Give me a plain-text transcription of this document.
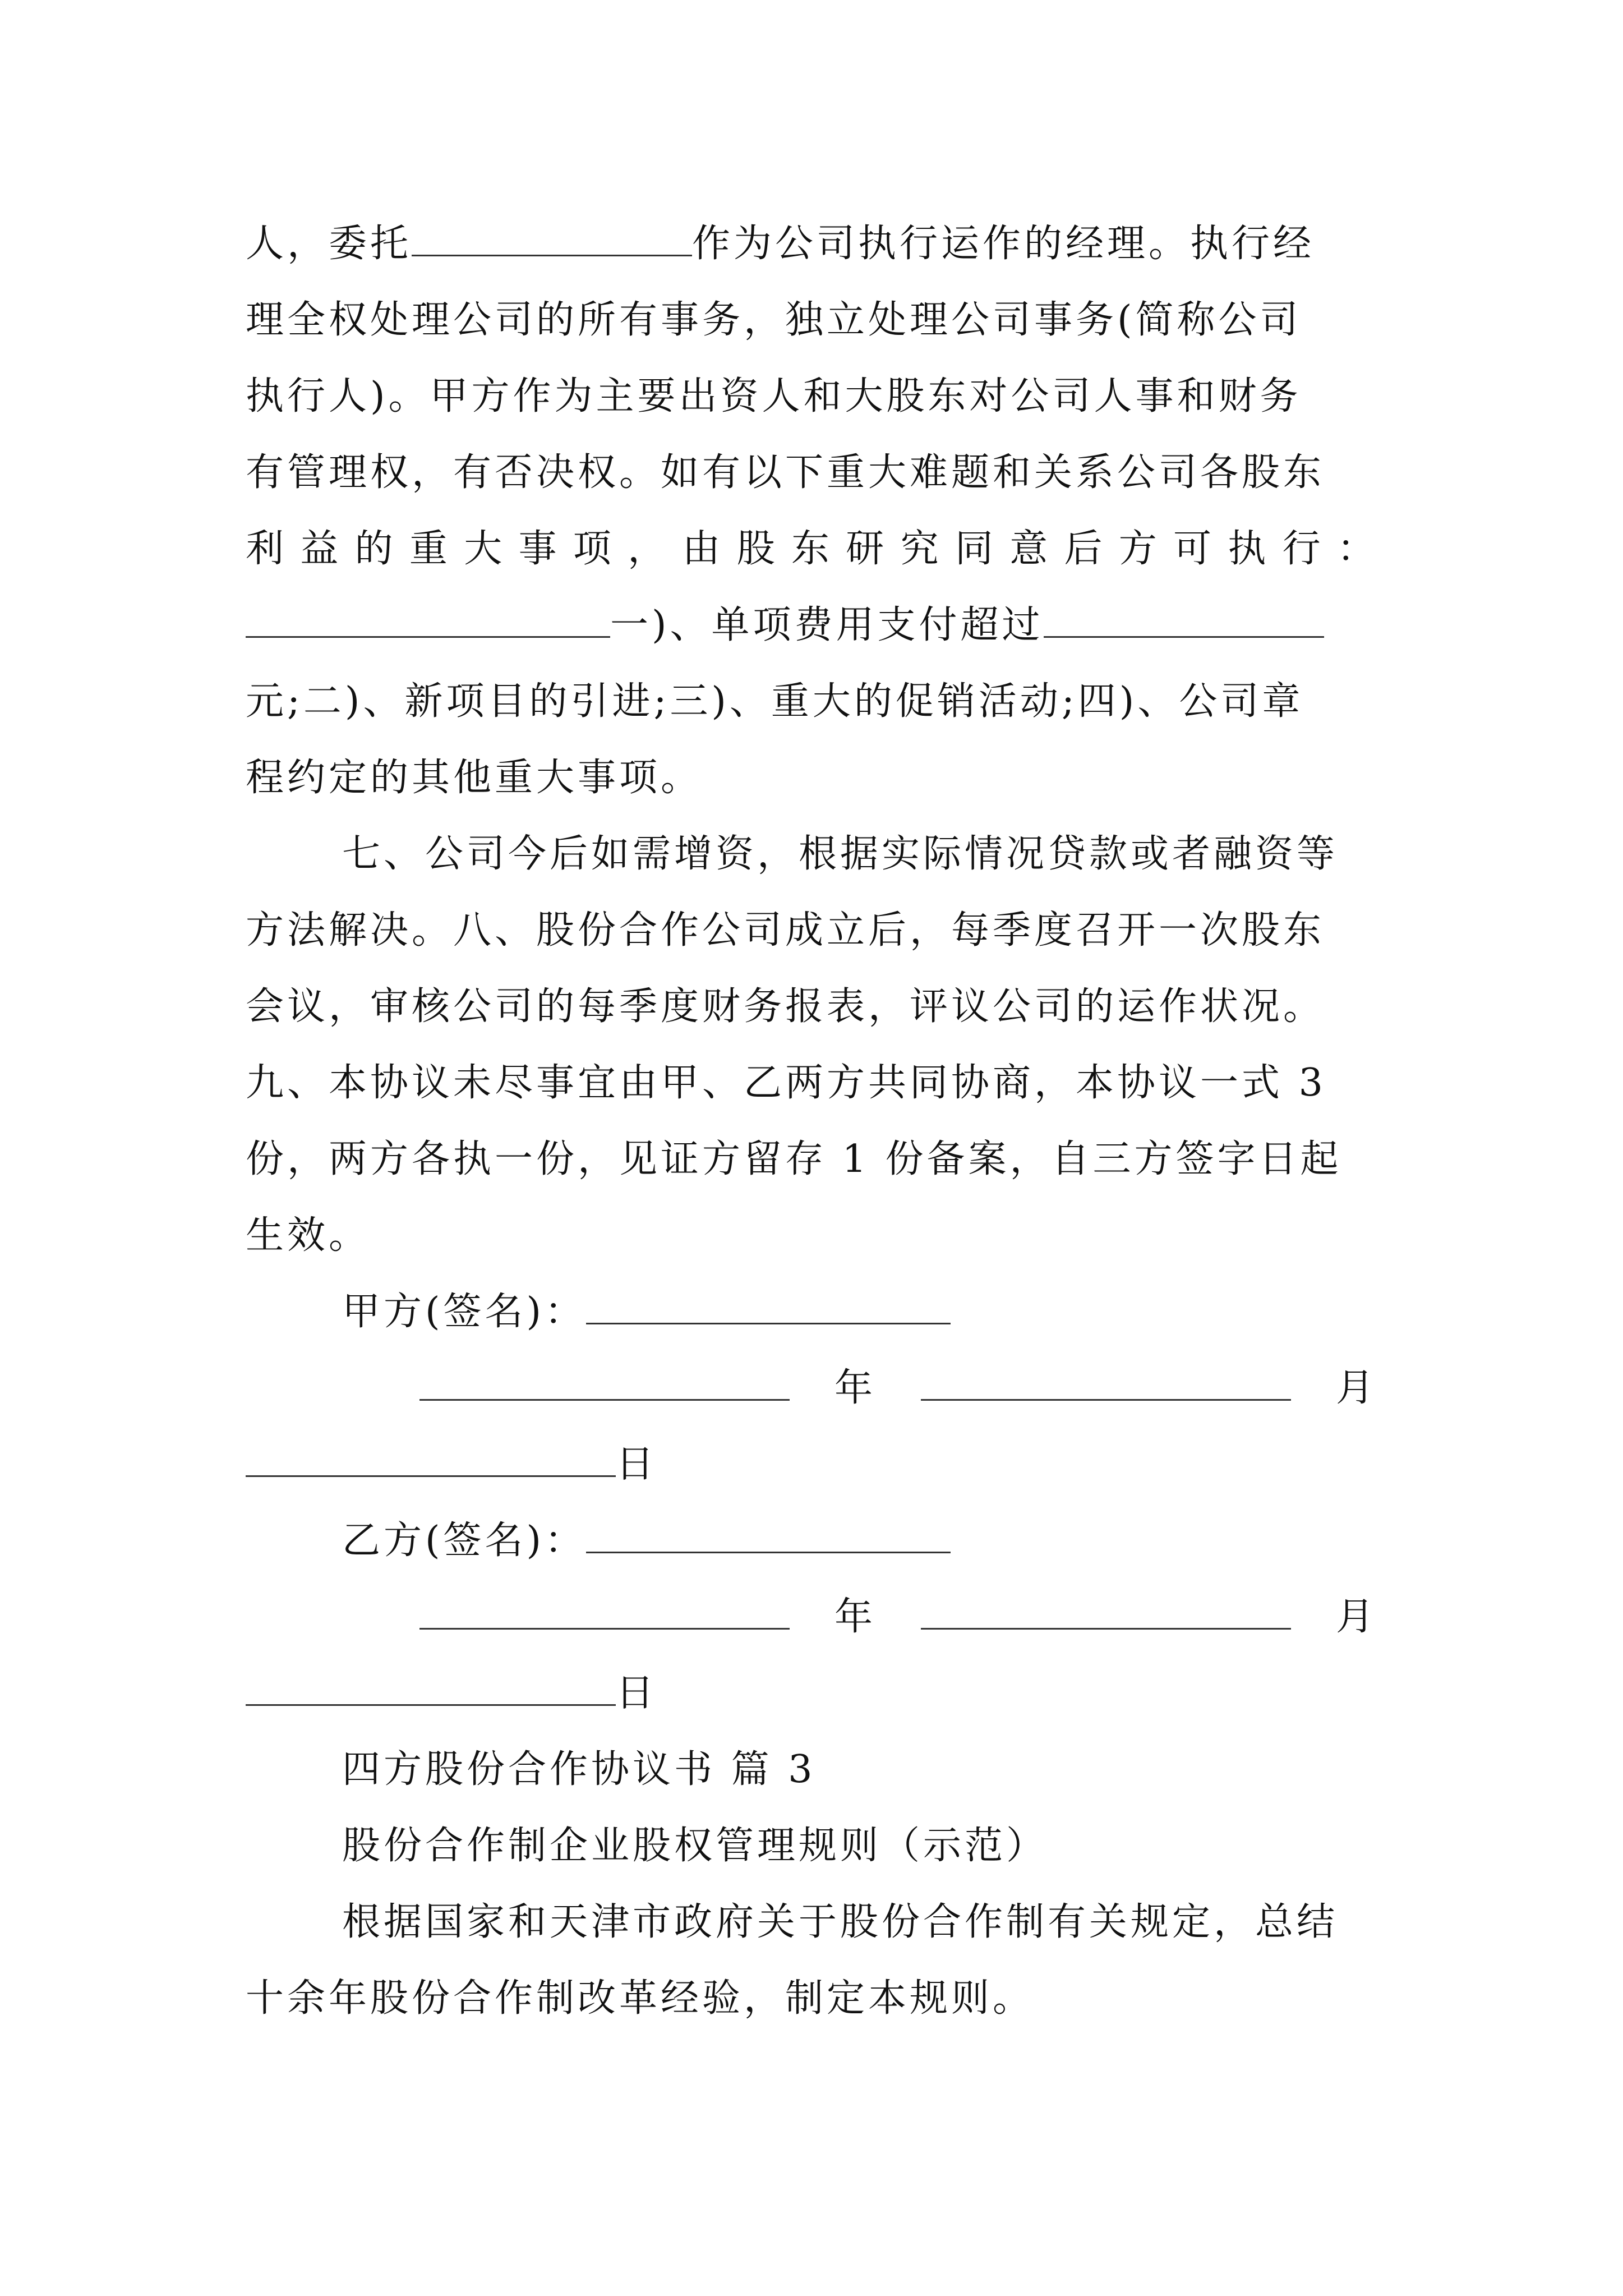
人，委托	作为公司执行运作的经理。执行经
理全权处理公司的所有事务，独立处理公司事务(简称公司
执行人)。甲方作为主要出资人和大股东对公司人事和财务
有管理权，有否决权。如有以下重大难题和关系公司各股东
利益的重大事项，由股东研究同意后方可执行：
一)、单项费用支付超过
元;二)、新项目的引进;三)、重大的促销活动;四)、公司章
程约定的其他重大事项。
七、公司今后如需增资，根据实际情况贷款或者融资等
方法解决。八、股份合作公司成立后，每季度召开一次股东
会议，审核公司的每季度财务报表，评议公司的运作状况。
九、本协议未尽事宜由甲、乙两方共同协商，本协议一式 3
份，两方各执一份，见证方留存 1 份备案，自三方签字日起
生效。
甲方(签名)：
年	月
日
乙方(签名)：
年	月
日
四方股份合作协议书 篇 3
股份合作制企业股权管理规则（示范）
根据国家和天津市政府关于股份合作制有关规定，总结
十余年股份合作制改革经验，制定本规则。
